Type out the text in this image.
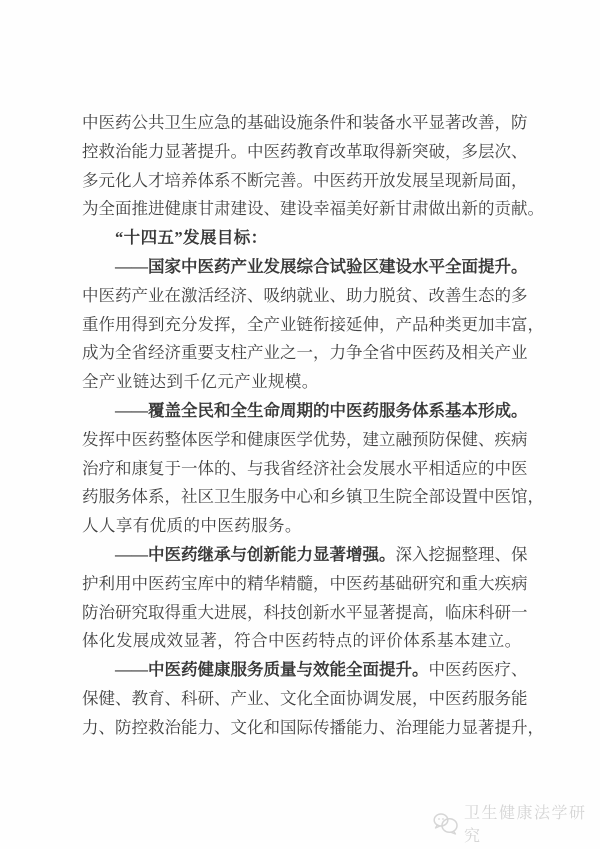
中 医 药 公 共 卫 生 应 急 的 基 础 设 施 条 件 和 装 备 水 平 显 著 改 善 ， 防
控 救 治 能 力 显 著 提 升 。 中 医 药 教 育 改 革 取 得 新 突 破 ， 多 层 次 、
多 元 化 人 才 培 养 体 系 不 断 完 善 。 中 医 药 开 放 发 展 呈 现 新 局 面 ，
为 全 面 推 进 健 康 甘 肃 建 设 、 建 设 幸 福 美 好 新 甘 肃 做 出 新 的 贡 献 。
“十四五”发展目标：
—— 国 家 中 医 药 产 业 发 展 综 合 试 验 区 建 设 水 平 全 面 提 升 。
中 医 药 产 业 在 激 活 经 济 、 吸 纳 就 业 、 助 力 脱 贫 、 改 善 生 态 的 多
重 作 用 得 到 充 分 发 挥 ， 全 产 业 链 衔 接 延 伸 ， 产 品 种 类 更 加 丰 富 ，
成 为 全 省 经 济 重 要 支 柱 产 业 之 一 ， 力 争 全 省 中 医 药 及 相 关 产 业
全产业链达到千亿元产业规模。
—— 覆 盖 全 民 和 全 生 命 周 期 的 中 医 药 服 务 体 系 基 本 形 成 。
发 挥 中 医 药 整 体 医 学 和 健 康 医 学 优 势 ， 建 立 融 预 防 保 健 、 疾 病
治 疗 和 康 复 于 一 体 的 、 与 我 省 经 济 社 会 发 展 水 平 相 适 应 的 中 医
药 服 务 体 系 ， 社 区 卫 生 服 务 中 心 和 乡 镇 卫 生 院 全 部 设 置 中 医 馆 ，
人人享有优质的中医药服务。
—— 中 医 药 继 承 与 创 新 能 力 显 著 增 强 。 深 入 挖 掘 整 理 、 保
护 利 用 中 医 药 宝 库 中 的 精 华 精 髓 ， 中 医 药 基 础 研 究 和 重 大 疾 病
防 治 研 究 取 得 重 大 进 展 ， 科 技 创 新 水 平 显 著 提 高 ， 临 床 科 研 一
体化发展成效显著，符合中医药特点的评价体系基本建立。
—— 中 医 药 健 康 服 务 质 量 与 效 能 全 面 提 升 。 中 医 药 医 疗 、
保 健 、 教 育 、 科 研 、 产 业 、 文 化 全 面 协 调 发 展 ， 中 医 药 服 务 能
力 、 防 控 救 治 能 力 、 文 化 和 国 际 传 播 能 力 、 治 理 能 力 显 著 提 升 ，
卫生健康法学研究
